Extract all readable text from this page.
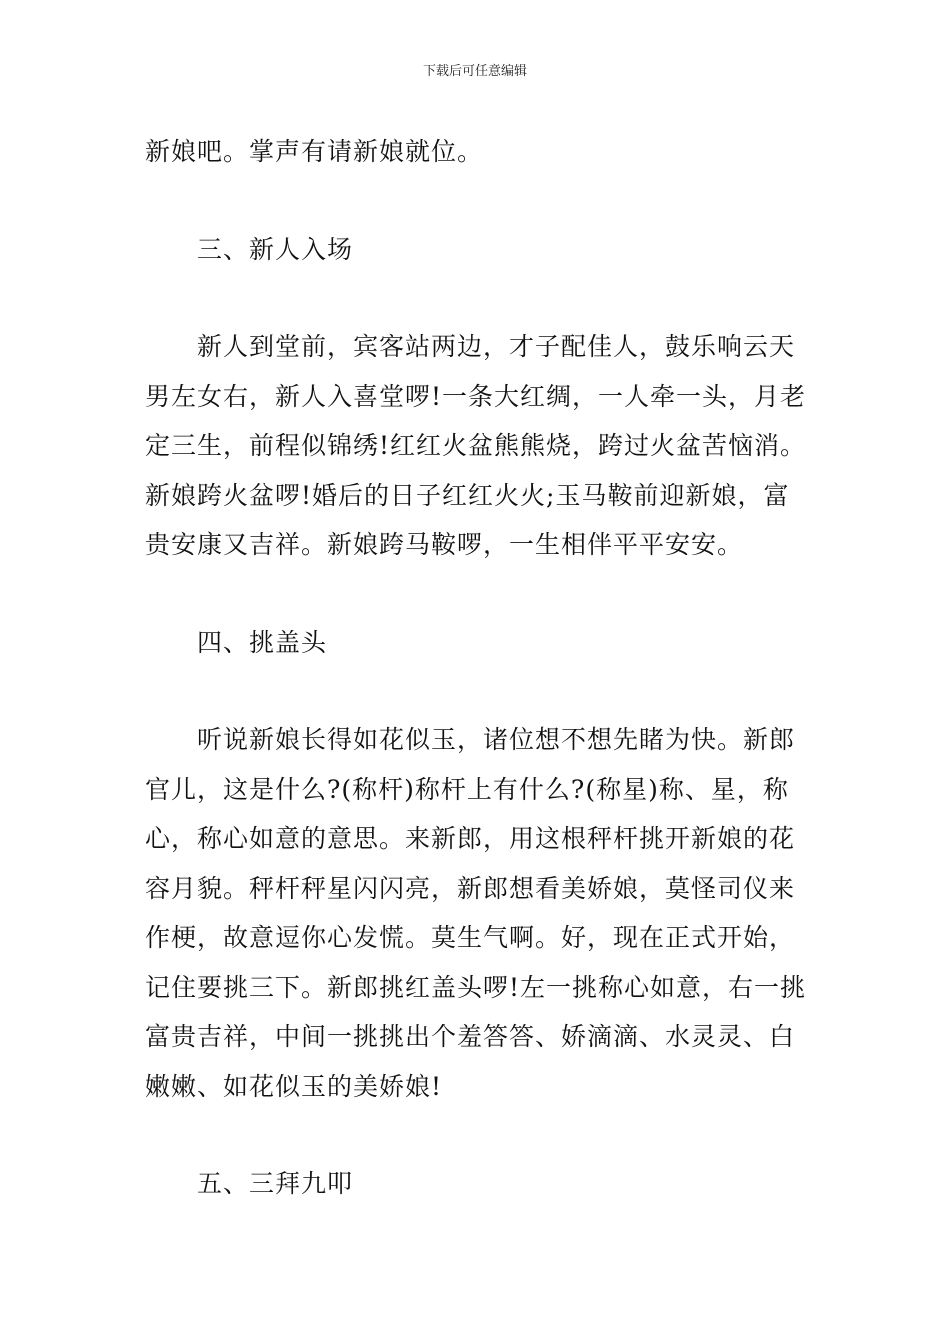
下载后可任意编辑

新娘吧。掌声有请新娘就位。

三、新人入场

新人到堂前，宾客站两边，才子配佳人，鼓乐响云天
男左女右，新人入喜堂啰!一条大红绸，一人牵一头，月老
定三生，前程似锦绣!红红火盆熊熊烧，跨过火盆苦恼消。
新娘跨火盆啰!婚后的日子红红火火;玉马鞍前迎新娘，富
贵安康又吉祥。新娘跨马鞍啰，一生相伴平平安安。

四、挑盖头

听说新娘长得如花似玉，诸位想不想先睹为快。新郎
官儿，这是什么?(称杆)称杆上有什么?(称星)称、星，称
心，称心如意的意思。来新郎，用这根秤杆挑开新娘的花
容月貌。秤杆秤星闪闪亮，新郎想看美娇娘，莫怪司仪来
作梗，故意逗你心发慌。莫生气啊。好，现在正式开始，
记住要挑三下。新郎挑红盖头啰!左一挑称心如意，右一挑
富贵吉祥，中间一挑挑出个羞答答、娇滴滴、水灵灵、白
嫩嫩、如花似玉的美娇娘!

五、三拜九叩
